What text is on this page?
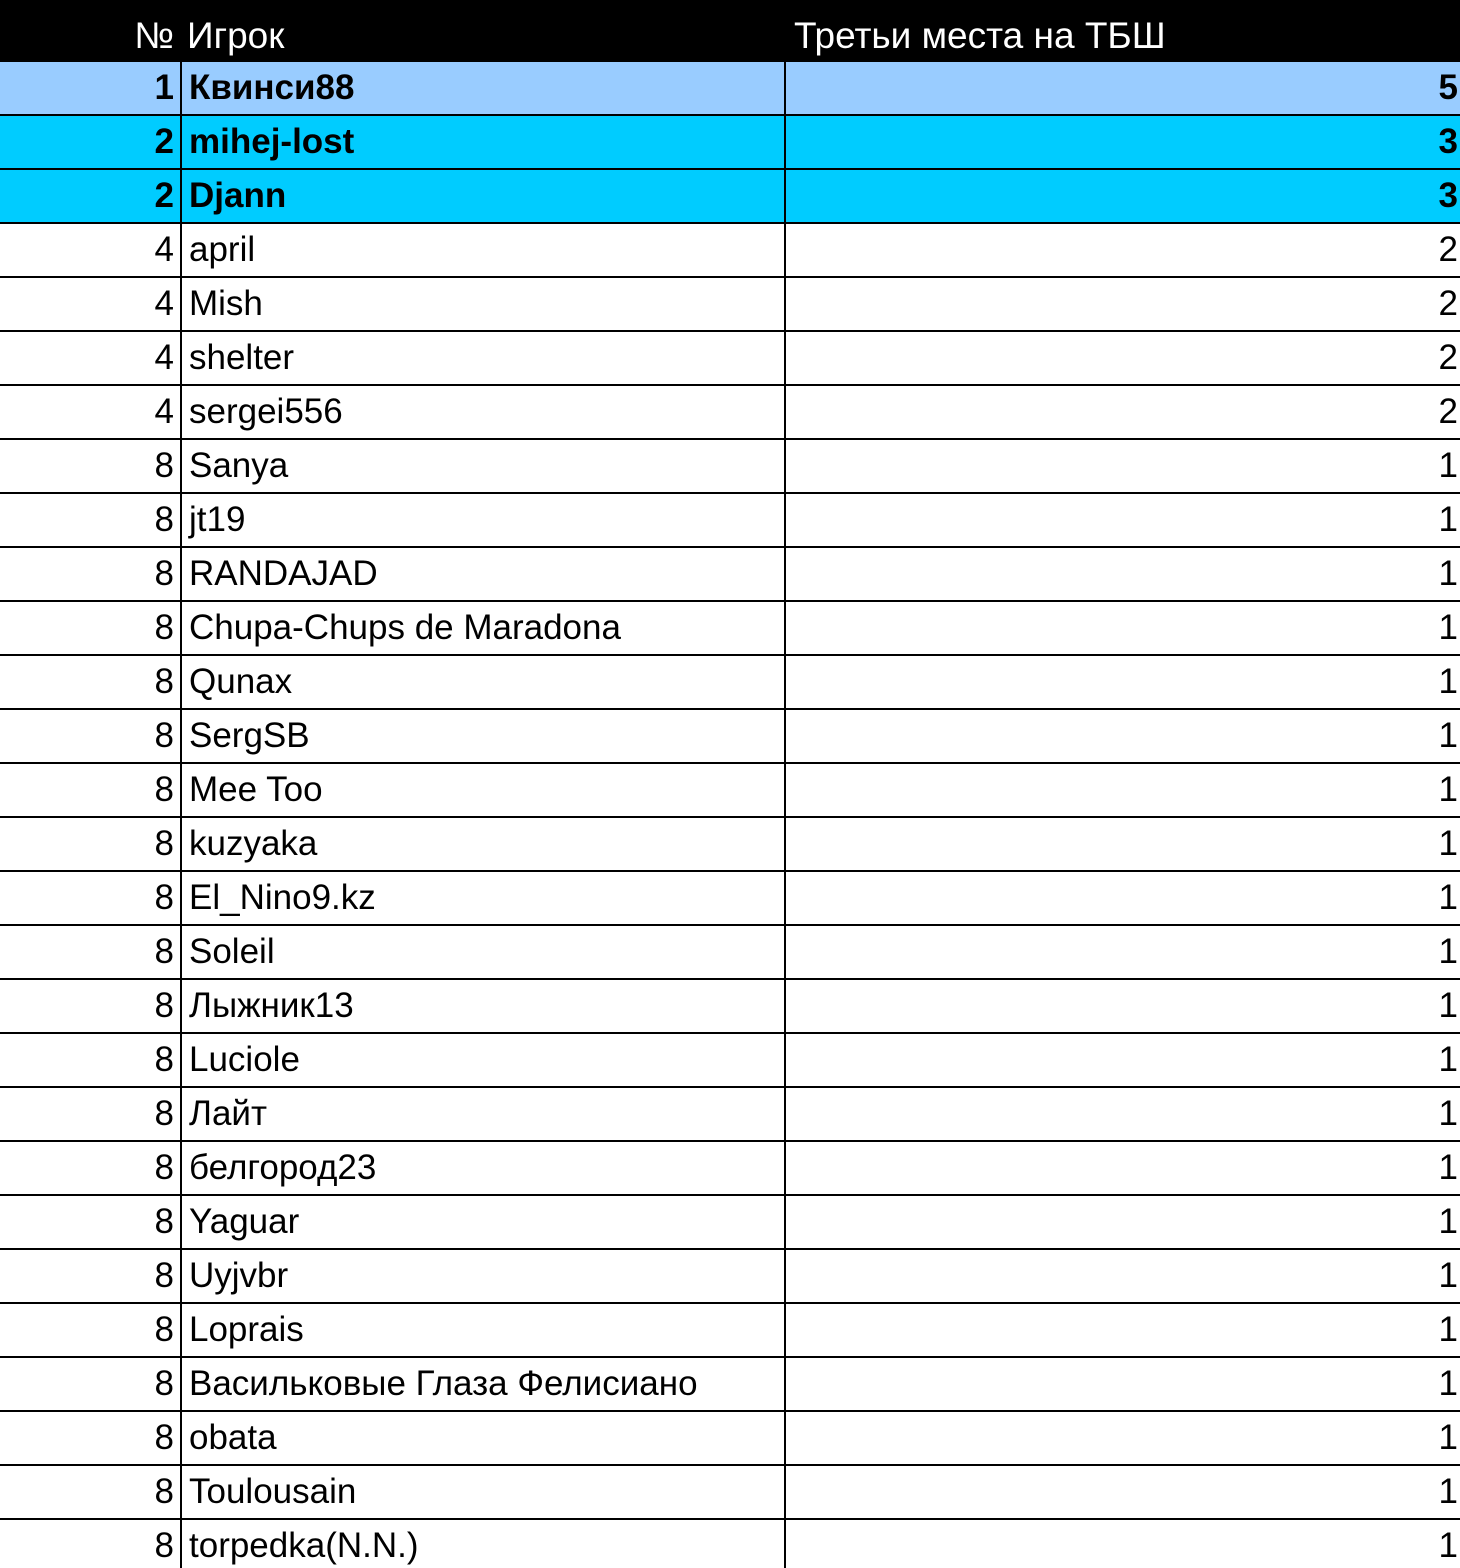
№ Игрок	Третьи места на ТБШ
1 Квинси88	5
2 mihej-lost	3
2 Djann	3
4 april	2
4 Mish	2
4 shelter	2
4 sergei556	2
8 Sanya	1
8 jt19	1
8 RANDAJAD	1
8 Chupa-Chups de Maradona	1
8 Qunax	1
8 SergSB	1
8 Mee Too	1
8 kuzyaka	1
8 El_Nino9.kz	1
8 Soleil	1
8 Лыжник13	1
8 Luciole	1
8 Лайт	1
8 белгород23	1
8 Yaguar	1
8 Uyjvbr	1
8 Loprais	1
8 Васильковые Глаза Фелисиано	1
8 obata	1
8 Toulousain	1
8 torpedka(N.N.)	1
